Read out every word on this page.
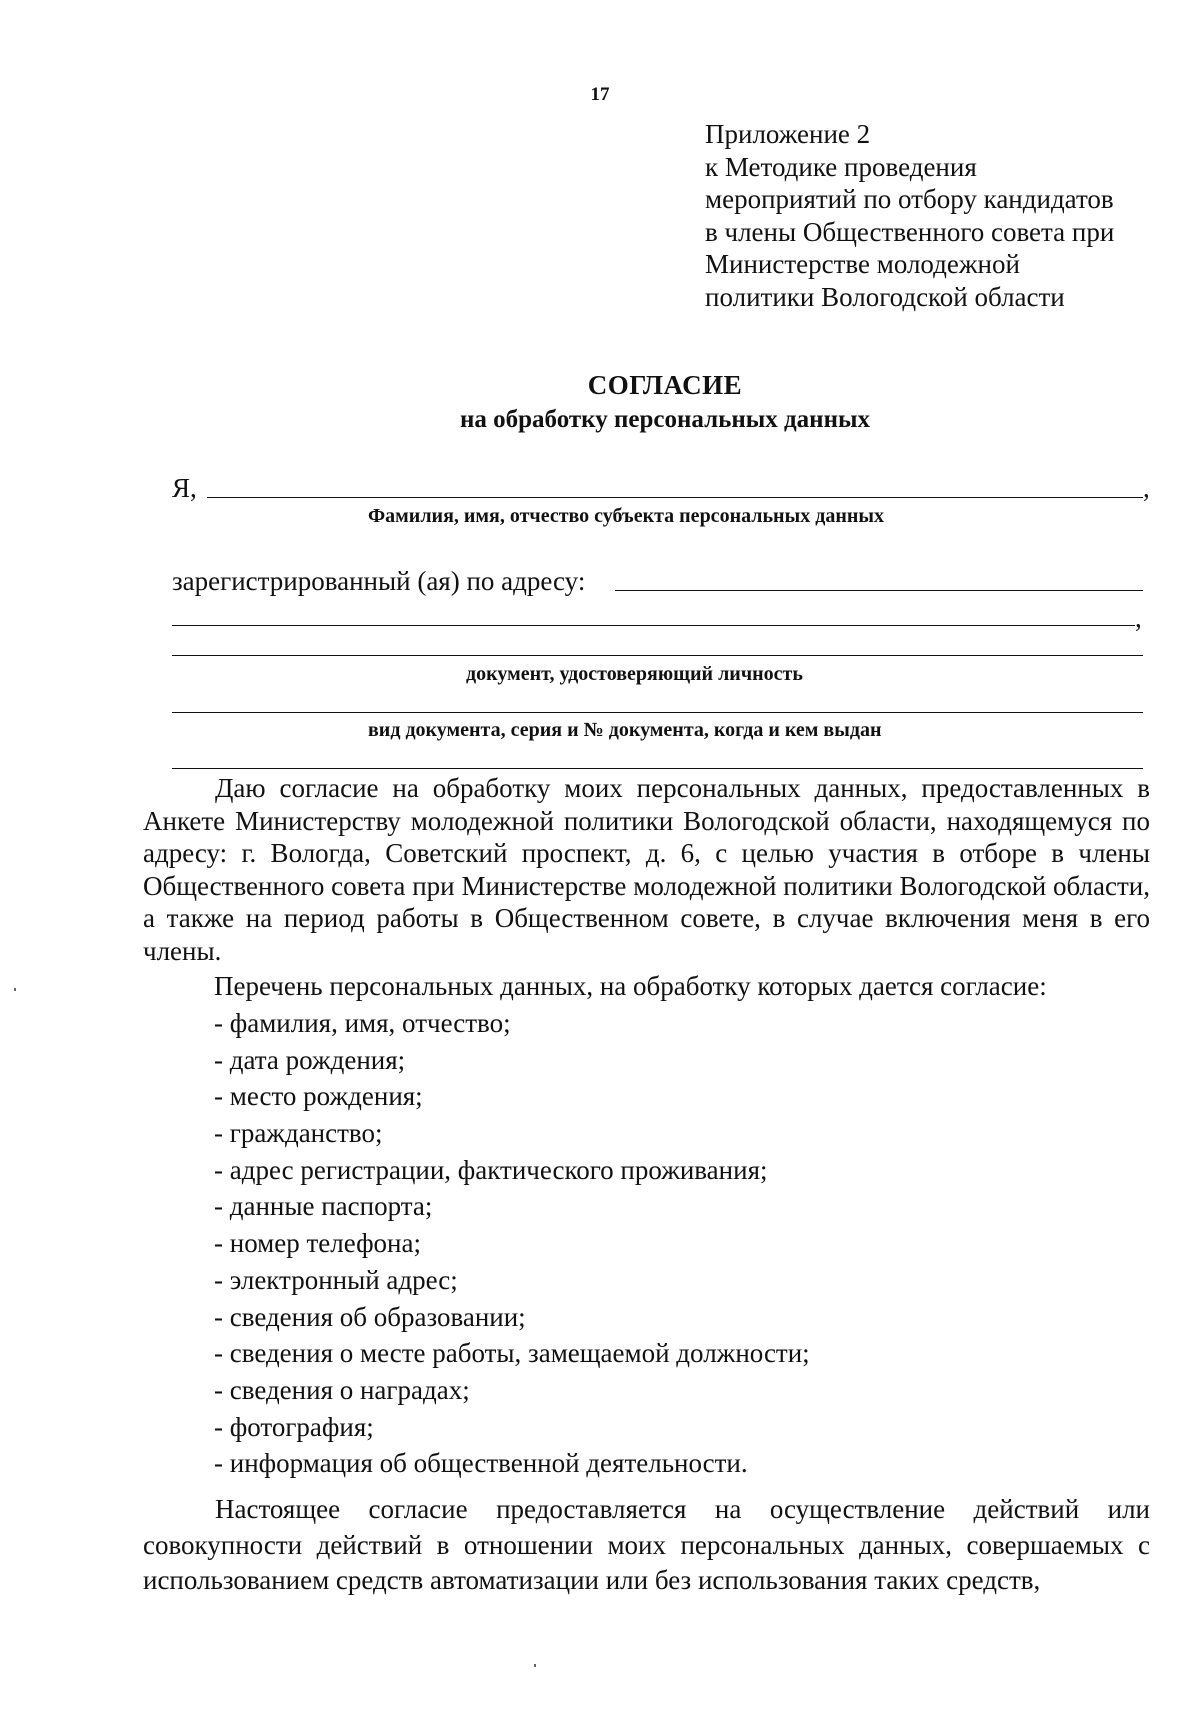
17
Приложение 2
к Методике проведения
мероприятий по отбору кандидатов
в члены Общественного совета при
Министерстве молодежной
политики Вологодской области
СОГЛАСИЕ
на обработку персональных данных
Я,	,
Фамилия, имя, отчество субъекта персональных данных
зарегистрированный (ая) по адресу:
,
документ, удостоверяющий личность
вид документа, серия и № документа, когда и кем выдан

Даю согласие на обработку моих персональных данных, предоставленных в Анкете Министерству молодежной политики Вологодской области, находящемуся по адресу: г. Вологда, Советский проспект, д. 6, с целью участия в отборе в члены Общественного совета при Министерстве молодежной политики Вологодской области, а также на период работы в Общественном совете, в случае включения меня в его члены.

Перечень персональных данных, на обработку которых дается согласие:
- фамилия, имя, отчество;
- дата рождения;
- место рождения;
- гражданство;
- адрес регистрации, фактического проживания;
- данные паспорта;
- номер телефона;
- электронный адрес;
- сведения об образовании;
- сведения о месте работы, замещаемой должности;
- сведения о наградах;
- фотография;
- информация об общественной деятельности.

Настоящее согласие предоставляется на осуществление действий или совокупности действий в отношении моих персональных данных, совершаемых с использованием средств автоматизации или без использования таких средств,
